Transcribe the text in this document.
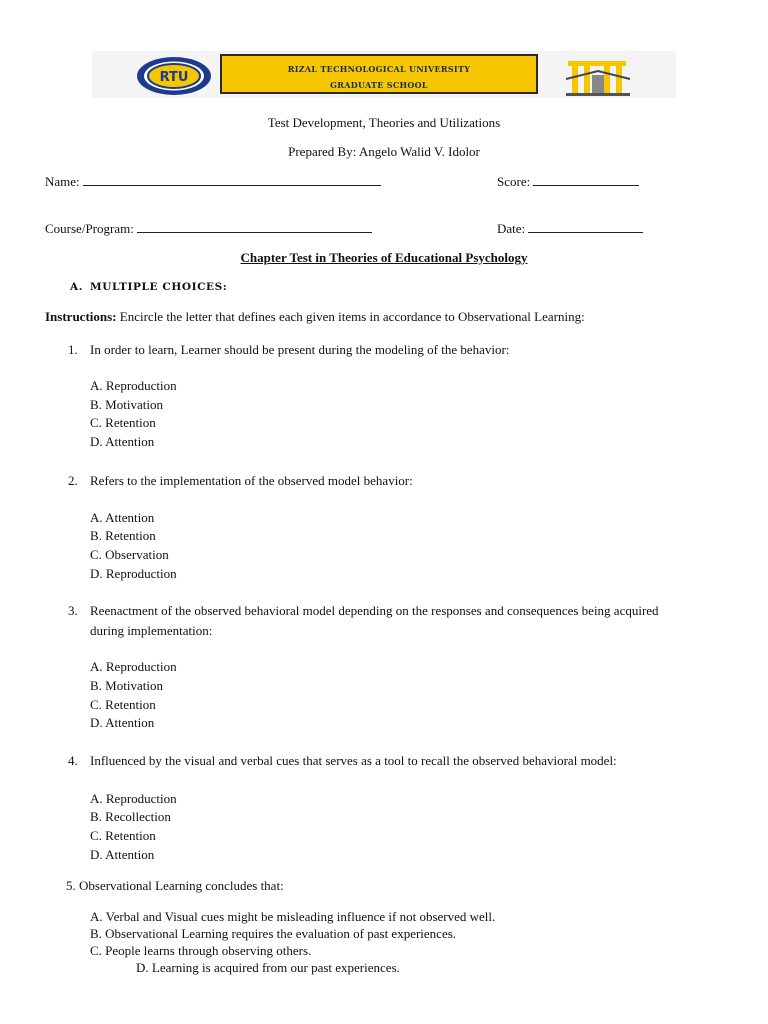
RTU
RIZAL TECHNOLOGICAL UNIVERSITY
GRADUATE SCHOOL
Test Development, Theories and Utilizations
Prepared By: Angelo Walid V. Idolor
Name:	Score:
Course/Program:	Date:
Chapter Test in Theories of Educational Psychology
A. MULTIPLE CHOICES:
Instructions: Encircle the letter that defines each given items in accordance to Observational Learning:
1. In order to learn, Learner should be present during the modeling of the behavior:
A. Reproduction
B. Motivation
C. Retention
D. Attention
2. Refers to the implementation of the observed model behavior:
A. Attention
B. Retention
C. Observation
D. Reproduction
3. Reenactment of the observed behavioral model depending on the responses and consequences being acquired
during implementation:
A. Reproduction
B. Motivation
C. Retention
D. Attention
4. Influenced by the visual and verbal cues that serves as a tool to recall the observed behavioral model:
A. Reproduction
B. Recollection
C. Retention
D. Attention
5. Observational Learning concludes that:
A. Verbal and Visual cues might be misleading influence if not observed well.
B. Observational Learning requires the evaluation of past experiences.
C. People learns through observing others.
D. Learning is acquired from our past experiences.
